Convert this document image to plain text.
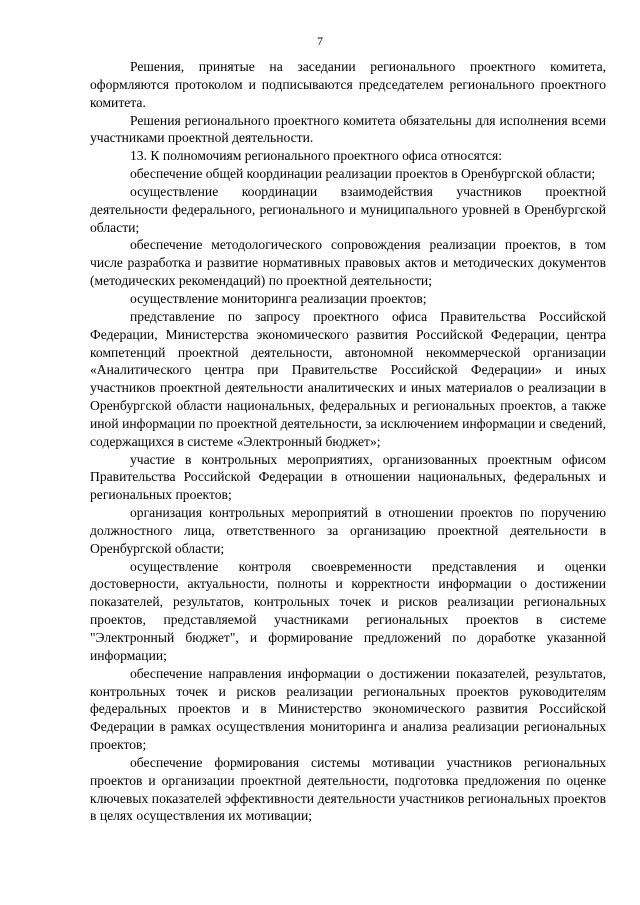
7

Решения, принятые на заседании регионального проектного комитета, оформляются протоколом и подписываются председателем регионального проектного комитета.

Решения регионального проектного комитета обязательны для исполнения всеми участниками проектной деятельности.

13. К полномочиям регионального проектного офиса относятся:

обеспечение общей координации реализации проектов в Оренбургской области;

осуществление координации взаимодействия участников проектной деятельности федерального, регионального и муниципального уровней в Оренбургской области;

обеспечение методологического сопровождения реализации проектов, в том числе разработка и развитие нормативных правовых актов и методических документов (методических рекомендаций) по проектной деятельности;

осуществление мониторинга реализации проектов;

представление по запросу проектного офиса Правительства Российской Федерации, Министерства экономического развития Российской Федерации, центра компетенций проектной деятельности, автономной некоммерческой организации «Аналитического центра при Правительстве Российской Федерации» и иных участников проектной деятельности аналитических и иных материалов о реализации в Оренбургской области национальных, федеральных и региональных проектов, а также иной информации по проектной деятельности, за исключением информации и сведений, содержащихся в системе «Электронный бюджет»;

участие в контрольных мероприятиях, организованных проектным офисом Правительства Российской Федерации в отношении национальных, федеральных и региональных проектов;

организация контрольных мероприятий в отношении проектов по поручению должностного лица, ответственного за организацию проектной деятельности в Оренбургской области;

осуществление контроля своевременности представления и оценки достоверности, актуальности, полноты и корректности информации о достижении показателей, результатов, контрольных точек и рисков реализации региональных проектов, представляемой участниками региональных проектов в системе "Электронный бюджет", и формирование предложений по доработке указанной информации;

обеспечение направления информации о достижении показателей, результатов, контрольных точек и рисков реализации региональных проектов руководителям федеральных проектов и в Министерство экономического развития Российской Федерации в рамках осуществления мониторинга и анализа реализации региональных проектов;

обеспечение формирования системы мотивации участников региональных проектов и организации проектной деятельности, подготовка предложения по оценке ключевых показателей эффективности деятельности участников региональных проектов в целях осуществления их мотивации;
